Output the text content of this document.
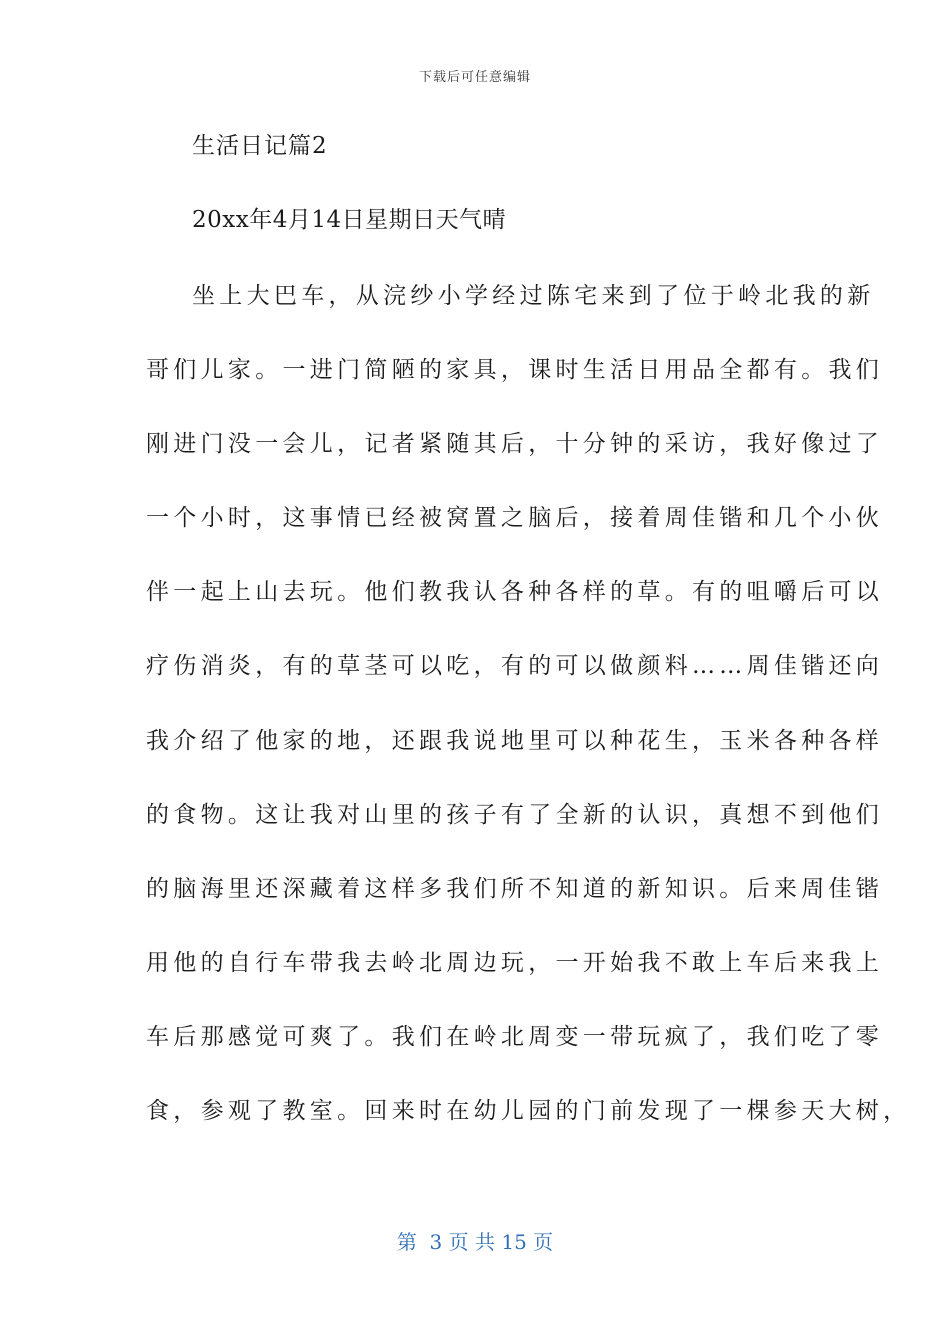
下载后可任意编辑
生活日记篇2
20xx年4月14日星期日天气晴
坐上大巴车，从浣纱小学经过陈宅来到了位于岭北我的新
哥们儿家。一进门简陋的家具，课时生活日用品全都有。我们
刚进门没一会儿，记者紧随其后，十分钟的采访，我好像过了
一个小时，这事情已经被窝置之脑后，接着周佳锴和几个小伙
伴一起上山去玩。他们教我认各种各样的草。有的咀嚼后可以
疗伤消炎，有的草茎可以吃，有的可以做颜料……周佳锴还向
我介绍了他家的地，还跟我说地里可以种花生，玉米各种各样
的食物。这让我对山里的孩子有了全新的认识，真想不到他们
的脑海里还深藏着这样多我们所不知道的新知识。后来周佳锴
用他的自行车带我去岭北周边玩，一开始我不敢上车后来我上
车后那感觉可爽了。我们在岭北周变一带玩疯了，我们吃了零
食，参观了教室。回来时在幼儿园的门前发现了一棵参天大树，
第  3 页 共 15 页
